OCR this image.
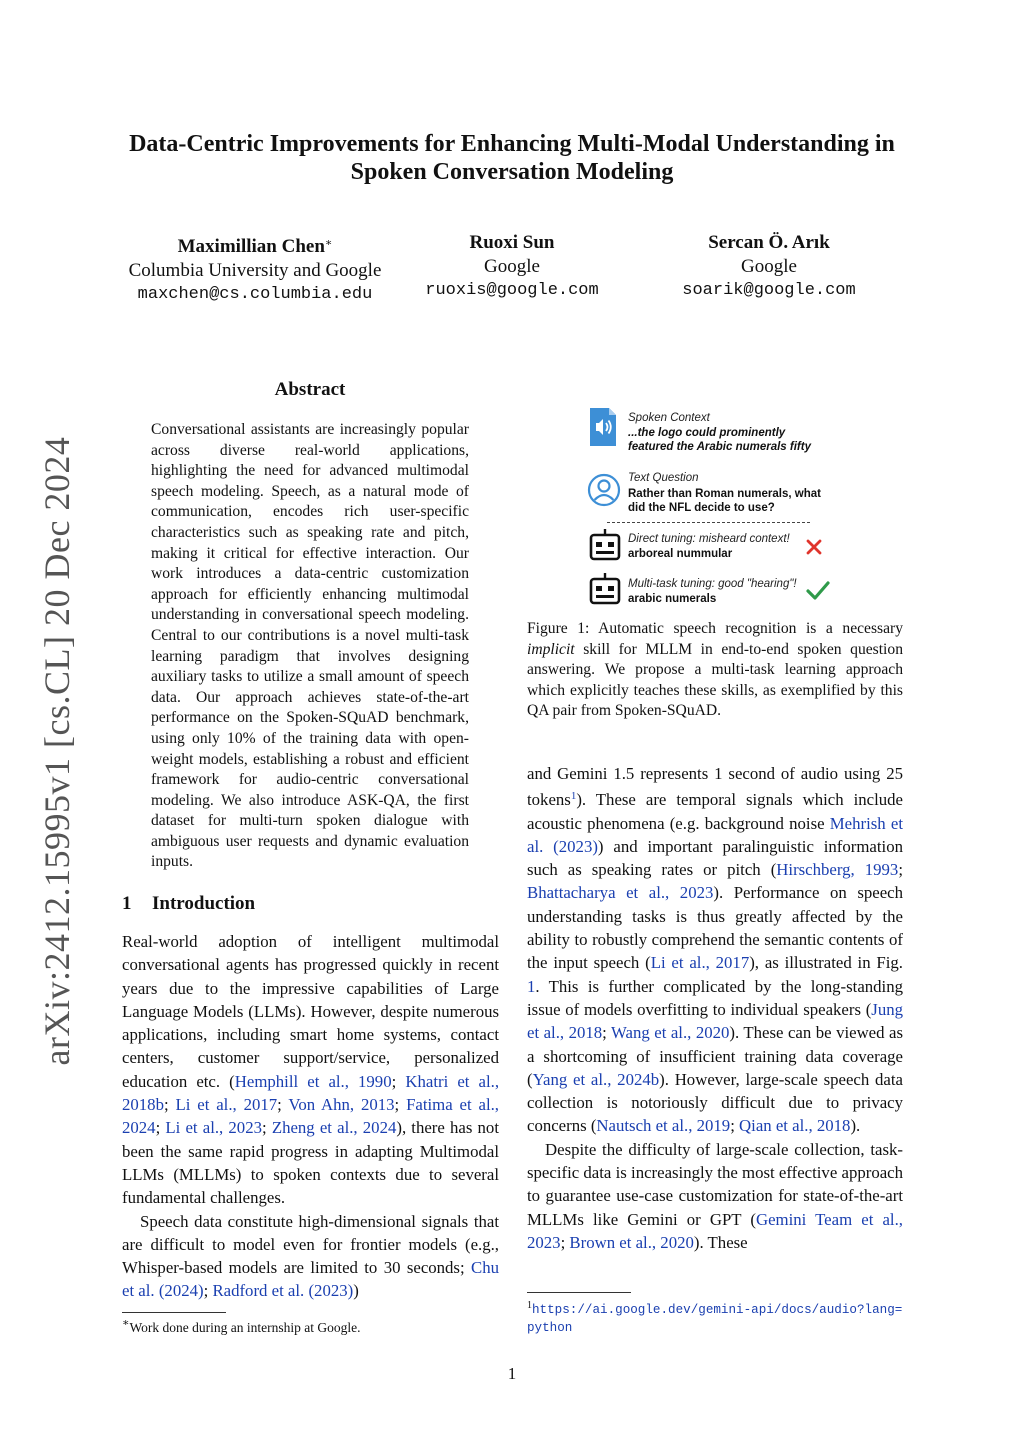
Data-Centric Improvements for Enhancing Multi-Modal Understanding in
Spoken Conversation Modeling
Maximillian Chen∗
Columbia University and Google
maxchen@cs.columbia.edu
Ruoxi Sun
Google
ruoxis@google.com
Sercan Ö. Arık
Google
soarik@google.com
arXiv:2412.15995v1 [cs.CL] 20 Dec 2024
Abstract
Conversational assistants are increasingly popular across diverse real-world applications, highlighting the need for advanced multimodal speech modeling. Speech, as a natural mode of communication, encodes rich user-specific characteristics such as speaking rate and pitch, making it critical for effective interaction. Our work introduces a data-centric customization approach for efficiently enhancing multimodal understanding in conversational speech modeling. Central to our contributions is a novel multi-task learning paradigm that involves designing auxiliary tasks to utilize a small amount of speech data. Our approach achieves state-of-the-art performance on the Spoken-SQuAD benchmark, using only 10% of the training data with open-weight models, establishing a robust and efficient framework for audio-centric conversational modeling. We also introduce ASK-QA, the first dataset for multi-turn spoken dialogue with ambiguous user requests and dynamic evaluation inputs.
1 Introduction

Real-world adoption of intelligent multimodal conversational agents has progressed quickly in recent years due to the impressive capabilities of Large Language Models (LLMs). However, despite numerous applications, including smart home systems, contact centers, customer support/service, personalized education etc. (Hemphill et al., 1990; Khatri et al., 2018b; Li et al., 2017; Von Ahn, 2013; Fatima et al., 2024; Li et al., 2023; Zheng et al., 2024), there has not been the same rapid progress in adapting Multimodal LLMs (MLLMs) to spoken contexts due to several fundamental challenges.

Speech data constitute high-dimensional signals that are difficult to model even for frontier models (e.g., Whisper-based models are limited to 30 seconds; Chu et al. (2024); Radford et al. (2023))

∗Work done during an internship at Google.
Spoken Context
...the logo could prominently
featured the Arabic numerals fifty
Text Question
Rather than Roman numerals, what
did the NFL decide to use?
Direct tuning: misheard context!
arboreal nummular
Multi-task tuning: good "hearing"!
arabic numerals
Figure 1: Automatic speech recognition is a necessary implicit skill for MLLM in end-to-end spoken question answering. We propose a multi-task learning approach which explicitly teaches these skills, as exemplified by this QA pair from Spoken-SQuAD.

and Gemini 1.5 represents 1 second of audio using 25 tokens$^1$). These are temporal signals which include acoustic phenomena (e.g. background noise Mehrish et al. (2023)) and important paralinguistic information such as speaking rates or pitch (Hirschberg, 1993; Bhattacharya et al., 2023). Performance on speech understanding tasks is thus greatly affected by the ability to robustly comprehend the semantic contents of the input speech (Li et al., 2017), as illustrated in Fig. 1. This is further complicated by the long-standing issue of models overfitting to individual speakers (Jung et al., 2018; Wang et al., 2020). These can be viewed as a shortcoming of insufficient training data coverage (Yang et al., 2024b). However, large-scale speech data collection is notoriously difficult due to privacy concerns (Nautsch et al., 2019; Qian et al., 2018).

Despite the difficulty of large-scale collection, task-specific data is increasingly the most effective approach to guarantee use-case customization for state-of-the-art MLLMs like Gemini or GPT (Gemini Team et al., 2023; Brown et al., 2020). These

$^1$https://ai.google.dev/gemini-api/docs/audio?lang=python
1
